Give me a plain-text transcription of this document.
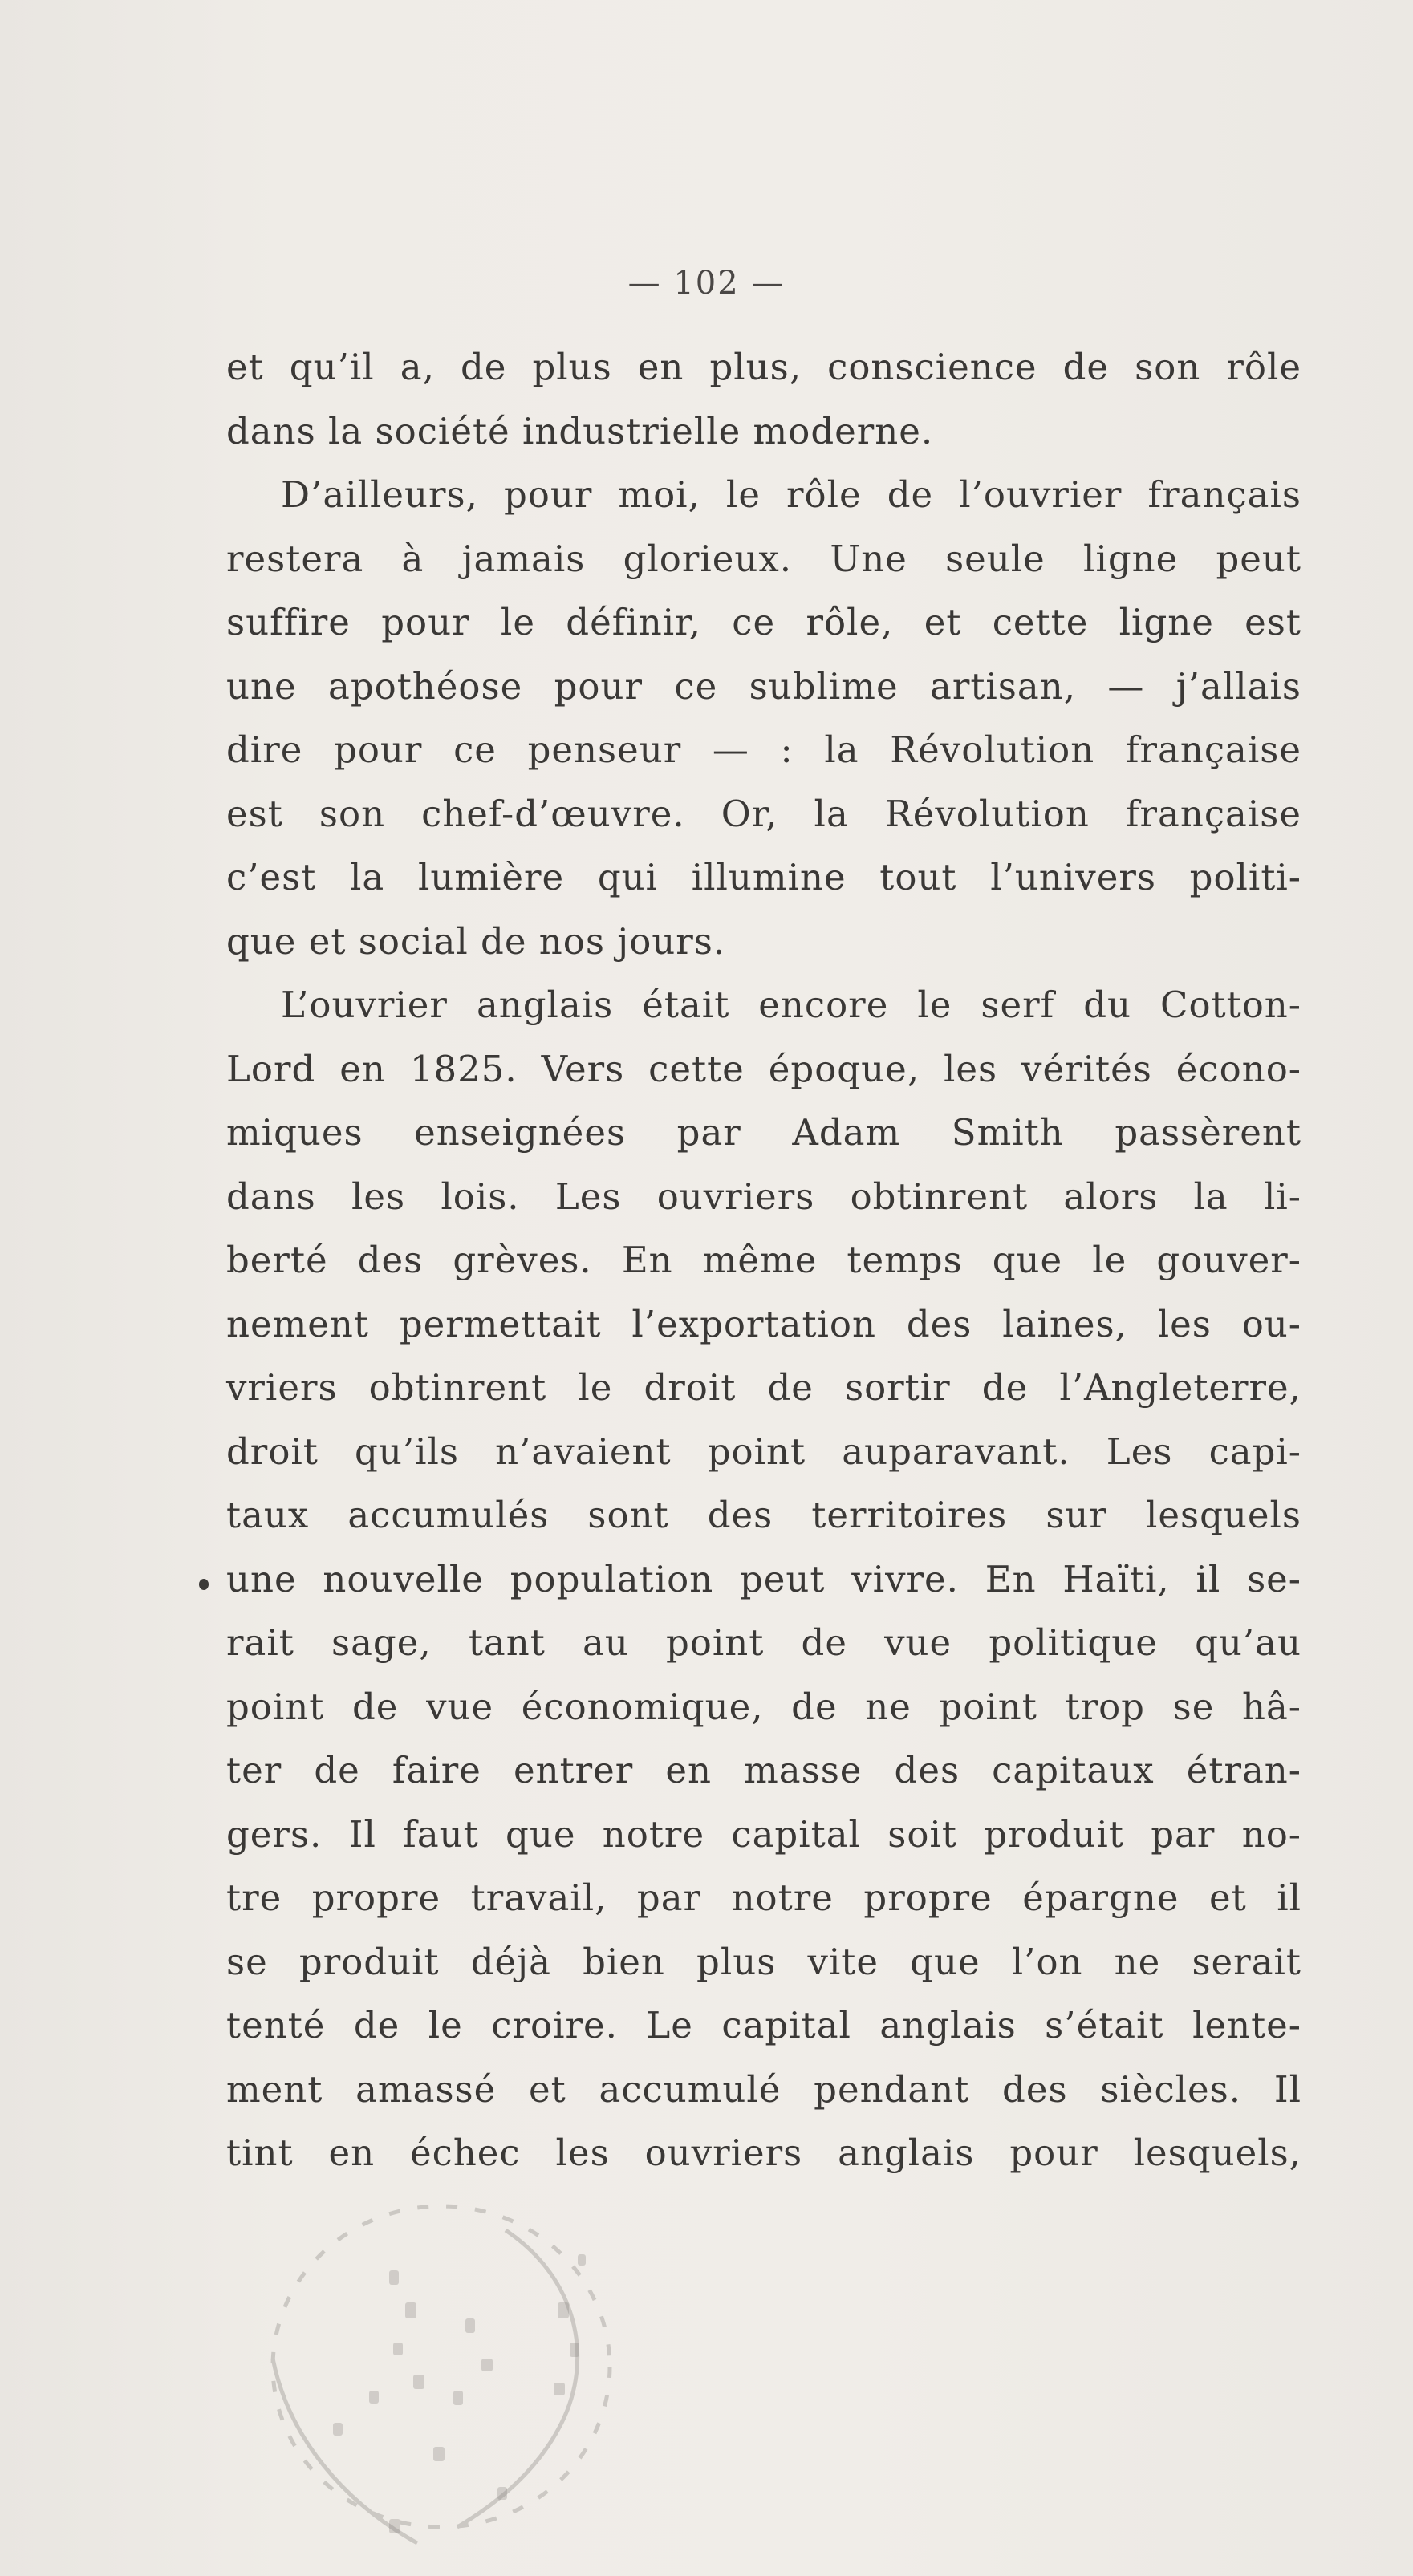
— 102 —
et qu’il a, de plus en plus, conscience de son rôle
dans la société industrielle moderne.
D’ailleurs, pour moi, le rôle de l’ouvrier français
restera à jamais glorieux. Une seule ligne peut
suffire pour le définir, ce rôle, et cette ligne est
une apothéose pour ce sublime artisan, — j’allais
dire pour ce penseur — : la Révolution française
est son chef-d’œuvre. Or, la Révolution française
c’est la lumière qui illumine tout l’univers politi-
que et social de nos jours.
L’ouvrier anglais était encore le serf du Cotton-
Lord en 1825. Vers cette époque, les vérités écono-
miques enseignées par Adam Smith passèrent
dans les lois. Les ouvriers obtinrent alors la li-
berté des grèves. En même temps que le gouver-
nement permettait l’exportation des laines, les ou-
vriers obtinrent le droit de sortir de l’Angleterre,
droit qu’ils n’avaient point auparavant. Les capi-
taux accumulés sont des territoires sur lesquels
une nouvelle population peut vivre. En Haïti, il se-
rait sage, tant au point de vue politique qu’au
point de vue économique, de ne point trop se hâ-
ter de faire entrer en masse des capitaux étran-
gers. Il faut que notre capital soit produit par no-
tre propre travail, par notre propre épargne et il
se produit déjà bien plus vite que l’on ne serait
tenté de le croire. Le capital anglais s’était lente-
ment amassé et accumulé pendant des siècles. Il
tint en échec les ouvriers anglais pour lesquels,
